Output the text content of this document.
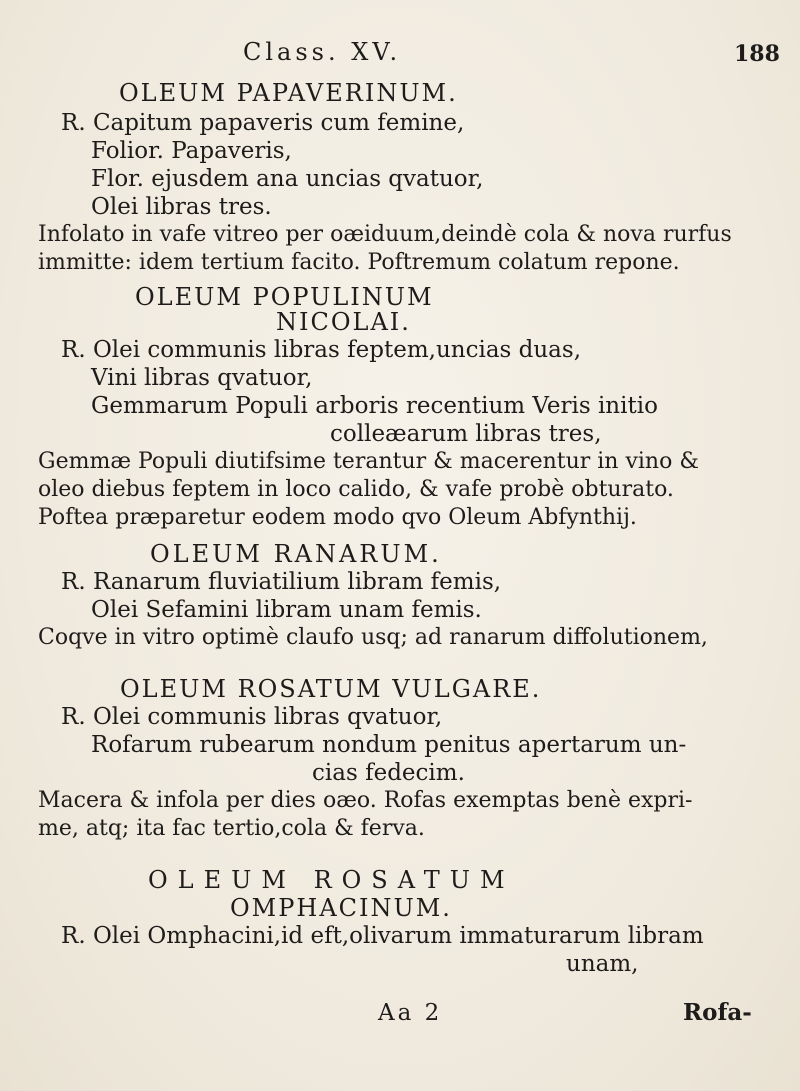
Class. XV.	188
OLEUM PAPAVERINUM.
R. Capitum papaveris cum femine,
Folior. Papaveris,
Flor. ejusdem ana uncias qvatuor,
Olei libras tres.
Infolato in vafe vitreo per oæiduum,deindè cola & nova rurfus
immitte: idem tertium facito. Poftremum colatum repone.
OLEUM POPULINUM
NICOLAI.
R. Olei communis libras feptem,uncias duas,
Vini libras qvatuor,
Gemmarum Populi arboris recentium Veris initio
colleæarum libras tres,
Gemmæ Populi diutifsime terantur & macerentur in vino &
oleo diebus feptem in loco calido, & vafe probè obturato.
Poftea præparetur eodem modo qvo Oleum Abfynthij.
OLEUM RANARUM.
R. Ranarum fluviatilium libram femis,
Olei Sefamini libram unam femis.
Coqve in vitro optimè claufo usq; ad ranarum diffolutionem,
OLEUM ROSATUM VULGARE.
R. Olei communis libras qvatuor,
Rofarum rubearum nondum penitus apertarum un-
cias fedecim.
Macera & infola per dies oæo. Rofas exemptas benè expri-
me, atq; ita fac tertio,cola & ferva.
OLEUM ROSATUM
OMPHACINUM.
R. Olei Omphacini,id eft,olivarum immaturarum libram
unam,
Aa 2	Rofa-
